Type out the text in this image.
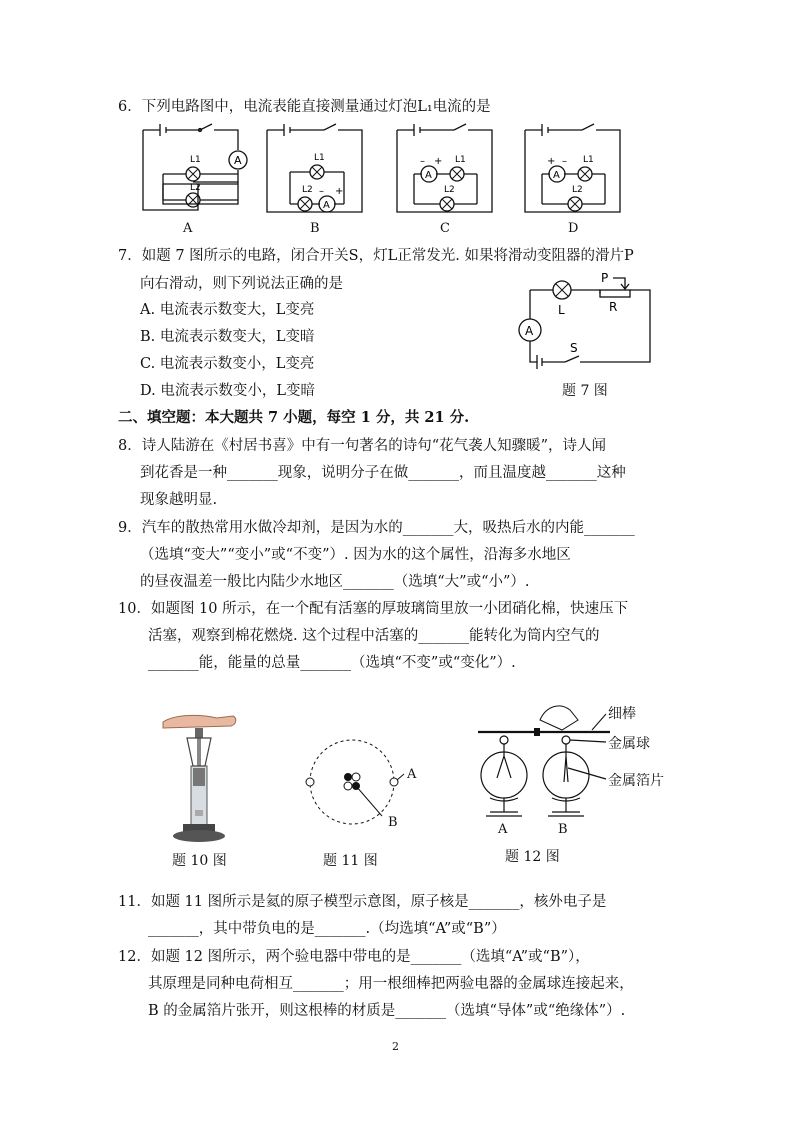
6．下列电路图中，电流表能直接测量通过灯泡L₁电流的是
A
L1
L2
A
A
L1
L2 – +
B
A
L1
L2
– +
C
A
L1
L2
+ –
D
7．如题 7 图所示的电路，闭合开关S，灯L正常发光. 如果将滑动变阻器的滑片P
向右滑动，则下列说法正确的是
A. 电流表示数变大，L变亮
B. 电流表示数变大，L变暗
C. 电流表示数变小，L变亮
D. 电流表示数变小，L变暗
A
L
P
R
S
题 7 图
二、填空题：本大题共 7 小题，每空 1 分，共 21 分.
8．诗人陆游在《村居书喜》中有一句著名的诗句“花气袭人知骤暖”，诗人闻
到花香是一种_______现象，说明分子在做_______，而且温度越_______这种
现象越明显.
9．汽车的散热常用水做冷却剂，是因为水的_______大，吸热后水的内能_______
（选填“变大”“变小”或“不变”）. 因为水的这个属性，沿海多水地区
的昼夜温差一般比内陆少水地区_______（选填“大”或“小”）.
10．如题图 10 所示，在一个配有活塞的厚玻璃筒里放一小团硝化棉，快速压下
活塞，观察到棉花燃烧. 这个过程中活塞的_______能转化为筒内空气的
_______能，能量的总量_______（选填“不变”或“变化”）.
题 10 图
A
B
题 11 图
A	B
细棒
金属球
金属箔片
题 12 图
11．如题 11 图所示是氦的原子模型示意图，原子核是_______，核外电子是
_______，其中带负电的是_______.（均选填“A”或“B”）
12．如题 12 图所示，两个验电器中带电的是_______（选填“A”或“B”），
其原理是同种电荷相互_______；用一根细棒把两验电器的金属球连接起来，
B 的金属箔片张开，则这根棒的材质是_______（选填“导体”或“绝缘体”）.
2
